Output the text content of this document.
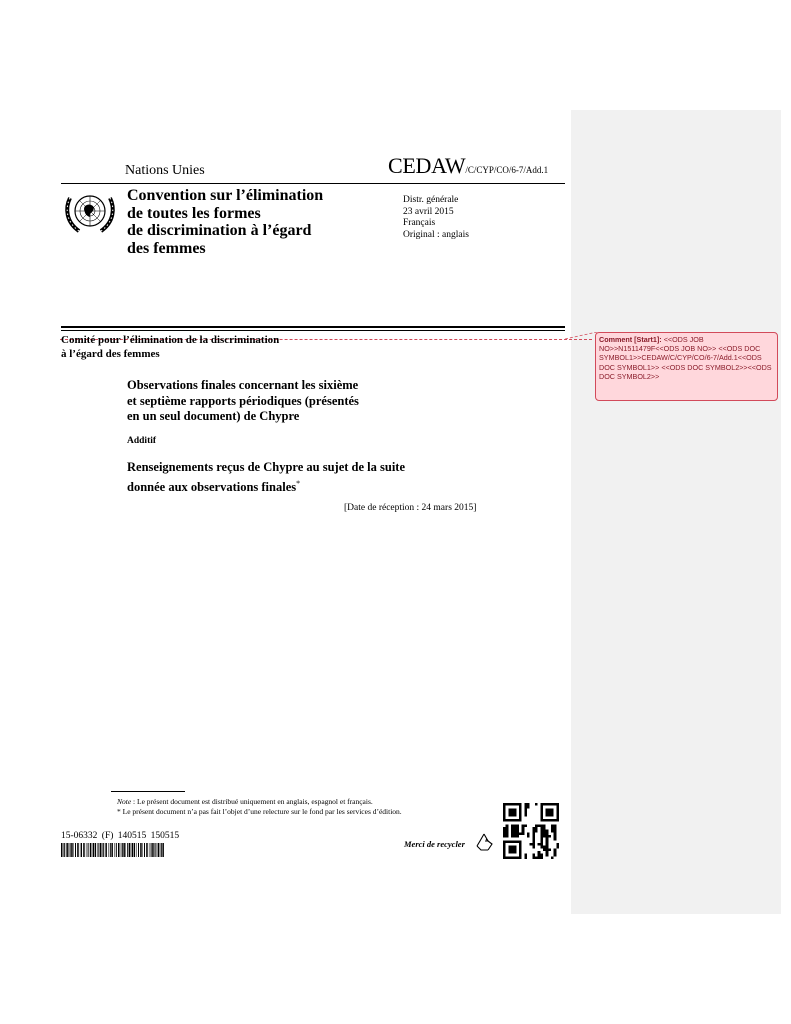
Comment [Start1]: <<ODS JOB NO>>N1511479F<<ODS JOB NO>> <<ODS DOC SYMBOL1>>CEDAW/C/CYP/CO/6-7/Add.1<<ODS DOC SYMBOL1>> <<ODS DOC SYMBOL2>><<ODS DOC SYMBOL2>>
Nations Unies	CEDAW/C/CYP/CO/6-7/Add.1
Convention sur l’élimination
de toutes les formes
de discrimination à l’égard
des femmes
Distr. générale
23 avril 2015
Français
Original : anglais
Comité pour l’élimination de la discrimination
à l’égard des femmes
Observations finales concernant les sixième
et septième rapports périodiques (présentés
en un seul document) de Chypre
Additif
Renseignements reçus de Chypre au sujet de la suite
donnée aux observations finales*
[Date de réception : 24 mars 2015]
Note : Le présent document est distribué uniquement en anglais, espagnol et français.
* Le présent document n’a pas fait l’objet d’une relecture sur le fond par les services d’édition.
15-06332 (F) 140515 150515
Merci de recycler
